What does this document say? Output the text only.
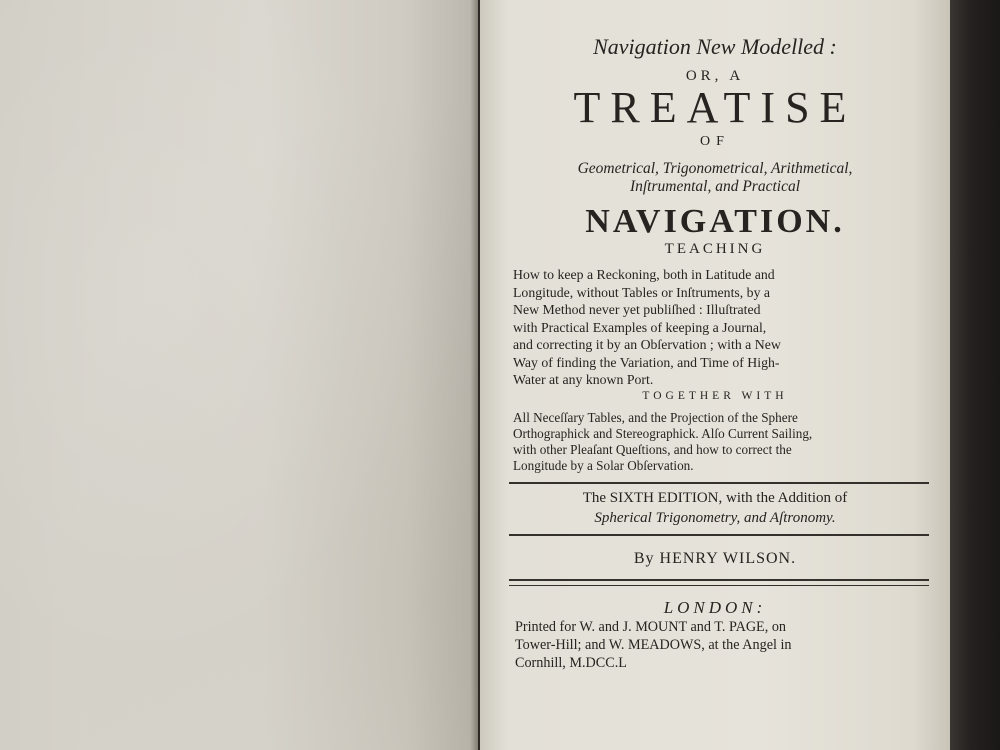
Navigation New Modelled :
OR, A
TREATISE
OF
Geometrical, Trigonometrical, Arithmetical,
Inſtrumental, and Practical
NAVIGATION.
TEACHING
How to keep a Reckoning, both in Latitude and
Longitude, without Tables or Inſtruments, by a
New Method never yet publiſhed : Illuſtrated
with Practical Examples of keeping a Journal,
and correcting it by an Obſervation ; with a New
Way of finding the Variation, and Time of High-
Water at any known Port.
TOGETHER WITH
All Neceſſary Tables, and the Projection of the Sphere
Orthographick and Stereographick. Alſo Current Sailing,
with other Pleaſant Queſtions, and how to correct the
Longitude by a Solar Obſervation.
The SIXTH EDITION, with the Addition of
Spherical Trigonometry, and Aſtronomy.
By HENRY WILSON.
LONDON:
Printed for W. and J. MOUNT and T. PAGE, on
Tower-Hill; and W. MEADOWS, at the Angel in
Cornhill, M.DCC.L
